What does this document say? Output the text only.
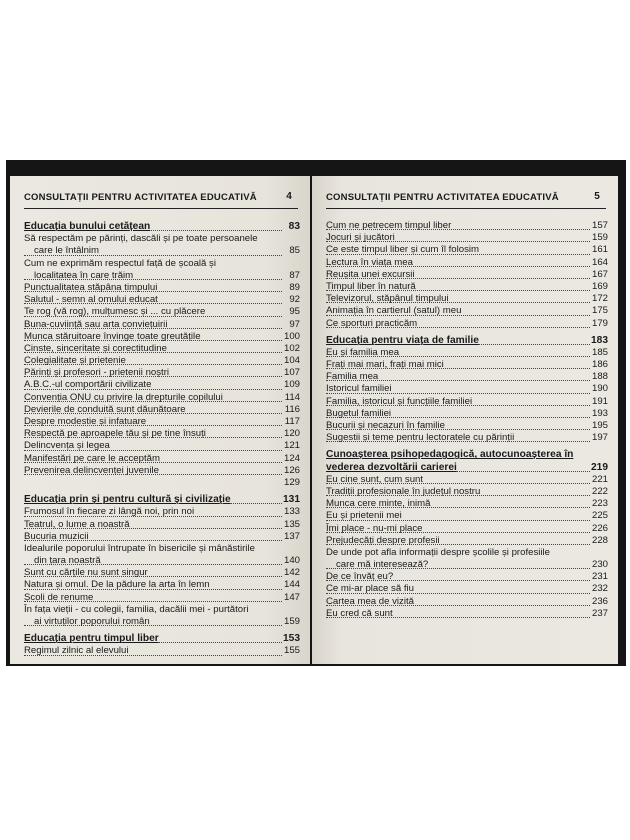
CONSULTAȚII PENTRU ACTIVITATEA EDUCATIVĂ	4
Educația bunului cetățean	83
Să respectăm pe părinți, dascăli și pe toate persoanele
care le întâlnim	85
Cum ne exprimăm respectul față de școală și
localitatea în care trăim	87
Punctualitatea stăpâna timpului	89
Salutul - semn al omului educat	92
Te rog (vă rog), mulțumesc și ... cu plăcere	95
Buna-cuviință sau arta conviețuirii	97
Munca stăruitoare învinge toate greutățile	100
Cinste, sinceritate și corectitudine	102
Colegialitate și prietenie	104
Părinți și profesori - prietenii noștri	107
A.B.C.-ul comportării civilizate	109
Convenția ONU cu privire la drepturile copilului	114
Devierile de conduită sunt dăunătoare	116
Despre modestie și infatuare	117
Respectă pe aproapele tău și pe tine însuți	120
Delincvența și legea	121
Manifestări pe care le acceptăm	124
Prevenirea delincvenței juvenile	126
129
Educația prin și pentru cultură și civilizație	131
Frumosul în fiecare zi lângă noi, prin noi	133
Teatrul, o lume a noastră	135
Bucuria muzicii	137
Idealurile poporului întrupate în bisericile și mânăstirile
din țara noastră	140
Sunt cu cărțile nu sunt singur	142
Natura și omul. De la pădure la arta în lemn	144
Școli de renume	147
În fața vieții - cu colegii, familia, dacălii mei - purtători
ai virtuților poporului român	159
Educația pentru timpul liber	153
Regimul zilnic al elevului	155
CONSULTAȚII PENTRU ACTIVITATEA EDUCATIVĂ	5
Cum ne petrecem timpul liber	157
Jocuri și jucători	159
Ce este timpul liber și cum îl folosim	161
Lectura în viața mea	164
Reușita unei excursii	167
Timpul liber în natură	169
Televizorul, stăpânul timpului	172
Animația în cartierul (satul) meu	175
Ce sporturi practicăm	179
Educația pentru viața de familie	183
Eu și familia mea	185
Frați mai mari, frați mai mici	186
Familia mea	188
Istoricul familiei	190
Familia, istoricul și funcțiile familiei	191
Bugetul familiei	193
Bucurii și necazuri în familie	195
Sugestii și teme pentru lectoratele cu părinții	197
Cunoașterea psihopedagogică, autocunoașterea în
vederea dezvoltării carierei	219
Eu cine sunt, cum sunt	221
Tradiții profesionale în județul nostru	222
Munca cere minte, inimă	223
Eu și prietenii mei	225
Îmi place - nu-mi place	226
Prejudecăți despre profesii	228
De unde pot afla informații despre școlile și profesiile
care mă interesează?	230
De ce învăț eu?	231
Ce mi-ar place să fiu	232
Cartea mea de vizită	236
Eu cred că sunt	237
